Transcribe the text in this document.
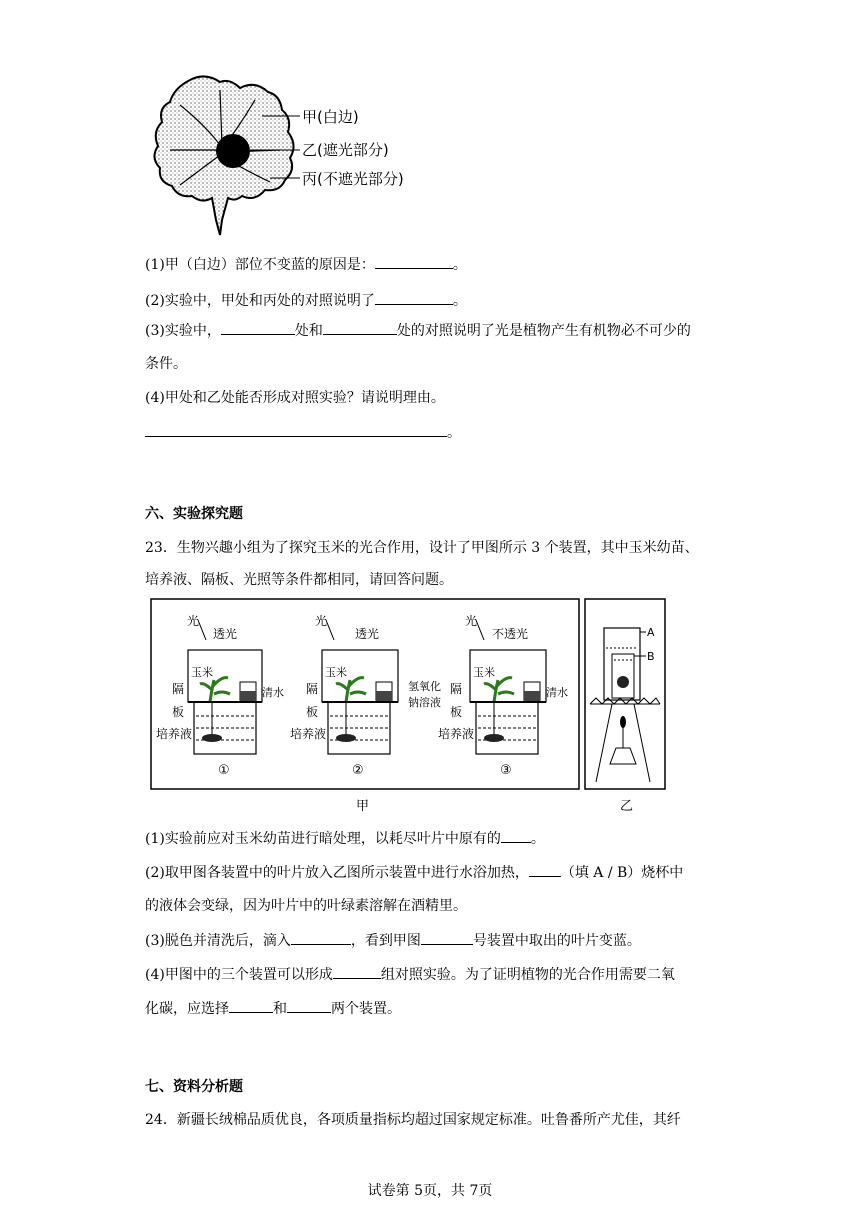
甲(白边)
乙(遮光部分)
丙(不遮光部分)
(1)甲（白边）部位不变蓝的原因是：	。
(2)实验中，甲处和丙处的对照说明了	。
(3)实验中，	处和	处的对照说明了光是植物产生有机物必不可少的
条件。
(4)甲处和乙处能否形成对照实验？请说明理由。
。
六、实验探究题
23．生物兴趣小组为了探究玉米的光合作用，设计了甲图所示 3 个装置，其中玉米幼苗、
培养液、隔板、光照等条件都相同，请回答问题。
光
透光
玉米
清水
隔
板
培养液
①
光
透光
玉米
氢氧化
钠溶液
隔
板
培养液
②
光
不透光
玉米
清水
隔
板
培养液
③
A
B
甲	乙
(1)实验前应对玉米幼苗进行暗处理，以耗尽叶片中原有的 。
(2)取甲图各装置中的叶片放入乙图所示装置中进行水浴加热， （填 A / B）烧杯中
的液体会变绿，因为叶片中的叶绿素溶解在酒精里。
(3)脱色并清洗后，滴入	，看到甲图	号装置中取出的叶片变蓝。
(4)甲图中的三个装置可以形成	组对照实验。为了证明植物的光合作用需要二氧
化碳，应选择	和	两个装置。
七、资料分析题
24．新疆长绒棉品质优良，各项质量指标均超过国家规定标准。吐鲁番所产尤佳，其纤
试卷第 5页，共 7页
